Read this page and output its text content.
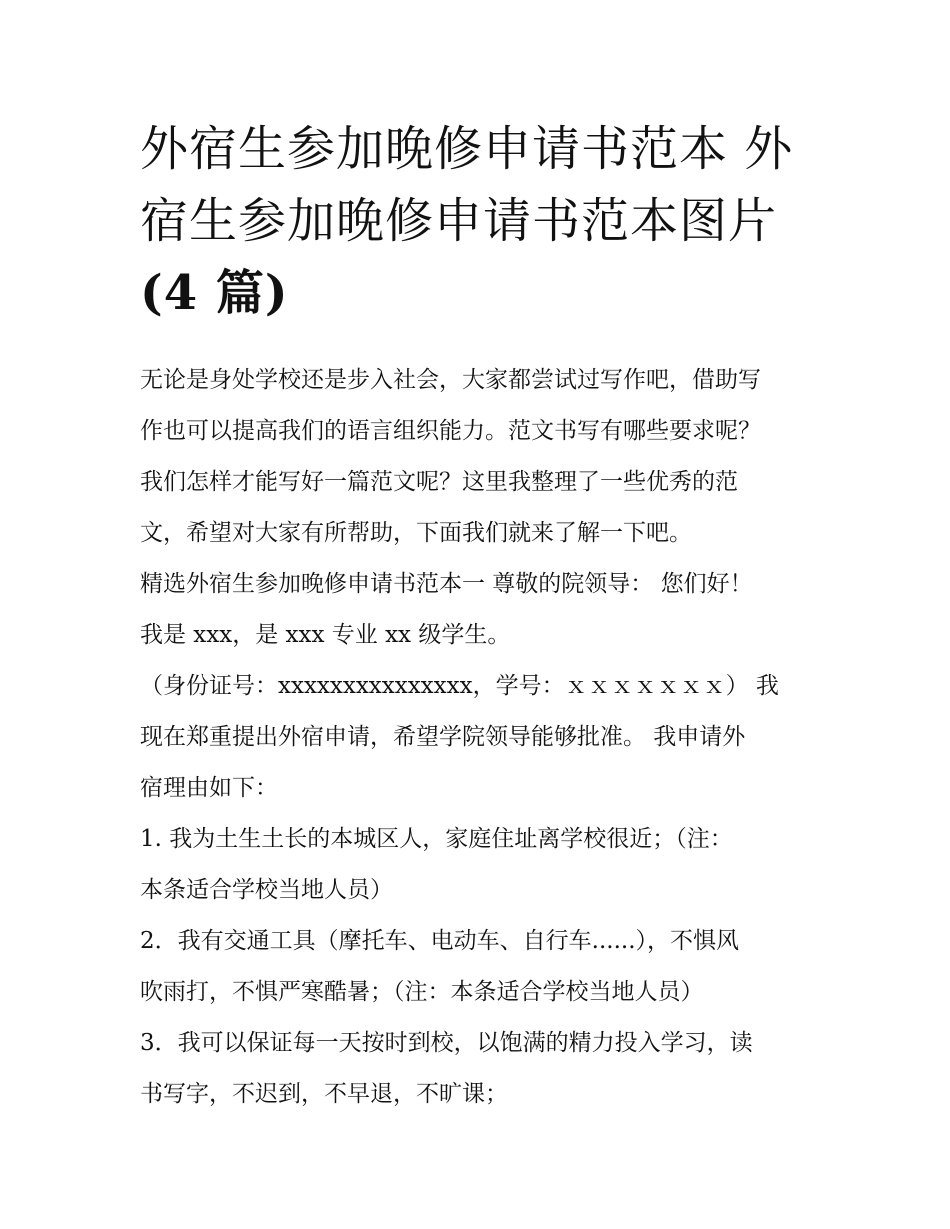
外宿生参加晚修申请书范本 外
宿生参加晚修申请书范本图片
(4 篇)
无论是身处学校还是步入社会，大家都尝试过写作吧，借助写
作也可以提高我们的语言组织能力。范文书写有哪些要求呢？
我们怎样才能写好一篇范文呢？这里我整理了一些优秀的范
文，希望对大家有所帮助，下面我们就来了解一下吧。
精选外宿生参加晚修申请书范本一 尊敬的院领导： 您们好！
我是 xxx，是 xxx 专业 xx 级学生。
（身份证号：xxxxxxxxxxxxxxx，学号：ｘｘｘｘｘｘｘ） 我
现在郑重提出外宿申请，希望学院领导能够批准。 我申请外
宿理由如下：
1. 我为土生土长的本城区人，家庭住址离学校很近；（注：
本条适合学校当地人员）
2．我有交通工具（摩托车、电动车、自行车......），不惧风
吹雨打，不惧严寒酷暑；（注：本条适合学校当地人员）
3．我可以保证每一天按时到校，以饱满的精力投入学习，读
书写字，不迟到，不早退，不旷课；
